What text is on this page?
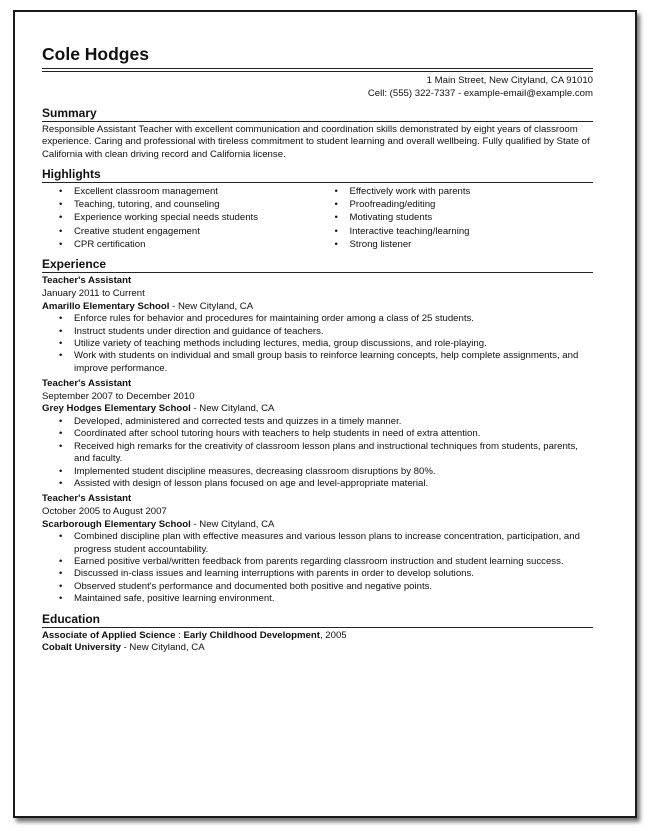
Cole Hodges
1 Main Street, New Cityland, CA 91010
Cell: (555) 322-7337 - example-email@example.com
Summary
Responsible Assistant Teacher with excellent communication and coordination skills demonstrated by eight years of classroom experience. Caring and professional with tireless commitment to student learning and overall wellbeing. Fully qualified by State of California with clean driving record and California license.
Highlights
• Excellent classroom management
• Teaching, tutoring, and counseling
• Experience working special needs students
• Creative student engagement
• CPR certification
• Effectively work with parents
• Proofreading/editing
• Motivating students
• Interactive teaching/learning
• Strong listener
Experience
Teacher's Assistant
January 2011 to Current
Amarillo Elementary School - New Cityland, CA
• Enforce rules for behavior and procedures for maintaining order among a class of 25 students.
• Instruct students under direction and guidance of teachers.
• Utilize variety of teaching methods including lectures, media, group discussions, and role-playing.
• Work with students on individual and small group basis to reinforce learning concepts, help complete assignments, and improve performance.
Teacher's Assistant
September 2007 to December 2010
Grey Hodges Elementary School - New Cityland, CA
• Developed, administered and corrected tests and quizzes in a timely manner.
• Coordinated after school tutoring hours with teachers to help students in need of extra attention.
• Received high remarks for the creativity of classroom lesson plans and instructional techniques from students, parents, and faculty.
• Implemented student discipline measures, decreasing classroom disruptions by 80%.
• Assisted with design of lesson plans focused on age and level-appropriate material.
Teacher's Assistant
October 2005 to August 2007
Scarborough Elementary School - New Cityland, CA
• Combined discipline plan with effective measures and various lesson plans to increase concentration, participation, and progress student accountability.
• Earned positive verbal/written feedback from parents regarding classroom instruction and student learning success.
• Discussed in-class issues and learning interruptions with parents in order to develop solutions.
• Observed student's performance and documented both positive and negative points.
• Maintained safe, positive learning environment.
Education
Associate of Applied Science : Early Childhood Development, 2005
Cobalt University - New Cityland, CA
